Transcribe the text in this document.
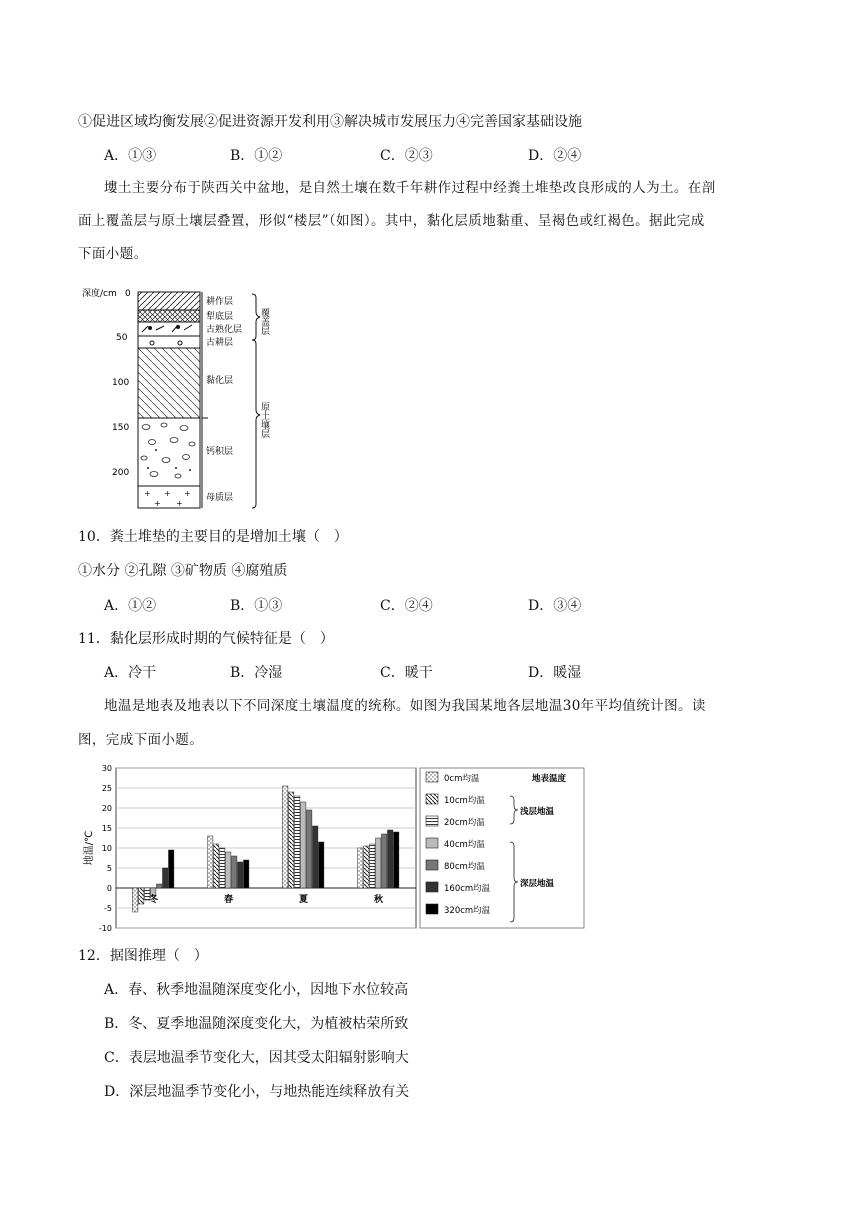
①促进区域均衡发展②促进资源开发利用③解决城市发展压力④完善国家基础设施
A．①③	B．①②	C．②③	D．②④
塿土主要分布于陕西关中盆地，是自然土壤在数千年耕作过程中经粪土堆垫改良形成的人为土。在剖
面上覆盖层与原土壤层叠置，形似“楼层”（如图）。其中，黏化层质地黏重、呈褐色或红褐色。据此完成
下面小题。
深度/cm 0
50
100
150
200
+ + +
+ +
耕作层
犁底层
古熟化层
古耕层
黏化层
钙积层
母质层
覆盖层
原土壤层
10．粪土堆垫的主要目的是增加土壤（　）
①水分 ②孔隙 ③矿物质 ④腐殖质
A．①②	B．①③	C．②④	D．③④
11．黏化层形成时期的气候特征是（　）
A．冷干	B．冷湿	C．暖干	D．暖湿
地温是地表及地表以下不同深度土壤温度的统称。如图为我国某地各层地温30年平均值统计图。读
图，完成下面小题。
-10
-5
0
5
10
15
20
25
30
冬	春	夏	秋
0cm均温
10cm均温
20cm均温
40cm均温
80cm均温
160cm均温
320cm均温
地表温度
浅层地温
深层地温
地温/℃
12．据图推理（　）
A．春、秋季地温随深度变化小，因地下水位较高
B．冬、夏季地温随深度变化大，为植被枯荣所致
C．表层地温季节变化大，因其受太阳辐射影响大
D．深层地温季节变化小，与地热能连续释放有关
